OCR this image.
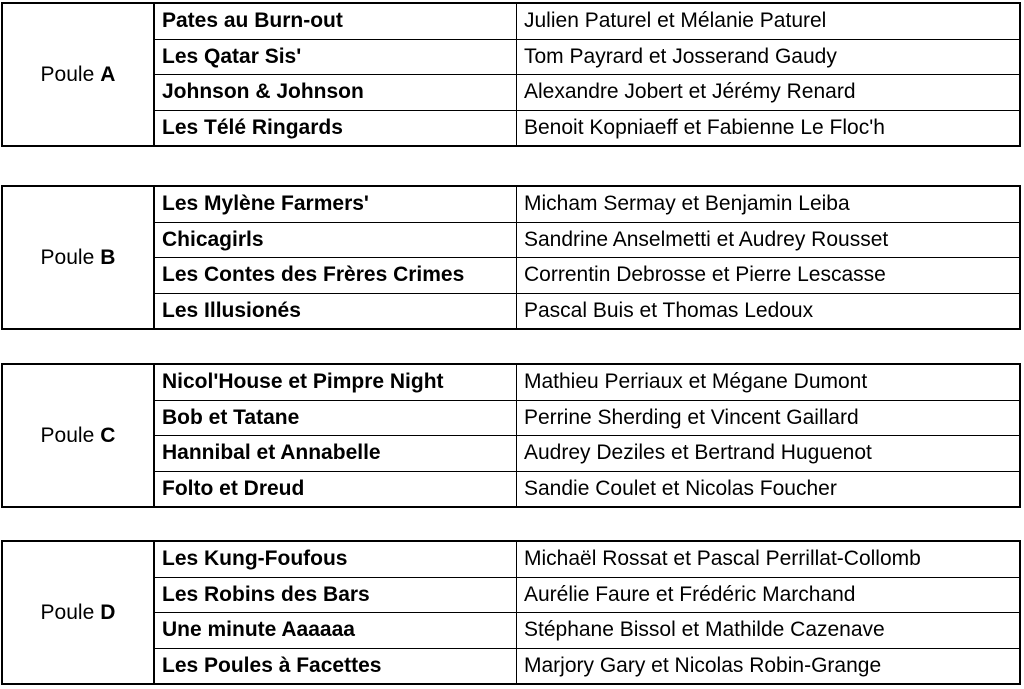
Poule A
Pates au Burn-out	Julien Paturel et Mélanie Paturel
Les Qatar Sis'	Tom Payrard et Josserand Gaudy
Johnson & Johnson	Alexandre Jobert et Jérémy Renard
Les Télé Ringards	Benoit Kopniaeff et Fabienne Le Floc'h
Poule B
Les Mylène Farmers'	Micham Sermay et Benjamin Leiba
Chicagirls	Sandrine Anselmetti et Audrey Rousset
Les Contes des Frères Crimes	Correntin Debrosse et Pierre Lescasse
Les Illusionés	Pascal Buis et Thomas Ledoux
Poule C
Nicol'House et Pimpre Night	Mathieu Perriaux et Mégane Dumont
Bob et Tatane	Perrine Sherding et Vincent Gaillard
Hannibal et Annabelle	Audrey Deziles et Bertrand Huguenot
Folto et Dreud	Sandie Coulet et Nicolas Foucher
Poule D
Les Kung-Foufous	Michaël Rossat et Pascal Perrillat-Collomb
Les Robins des Bars	Aurélie Faure et Frédéric Marchand
Une minute Aaaaaa	Stéphane Bissol et Mathilde Cazenave
Les Poules à Facettes	Marjory Gary et Nicolas Robin-Grange
